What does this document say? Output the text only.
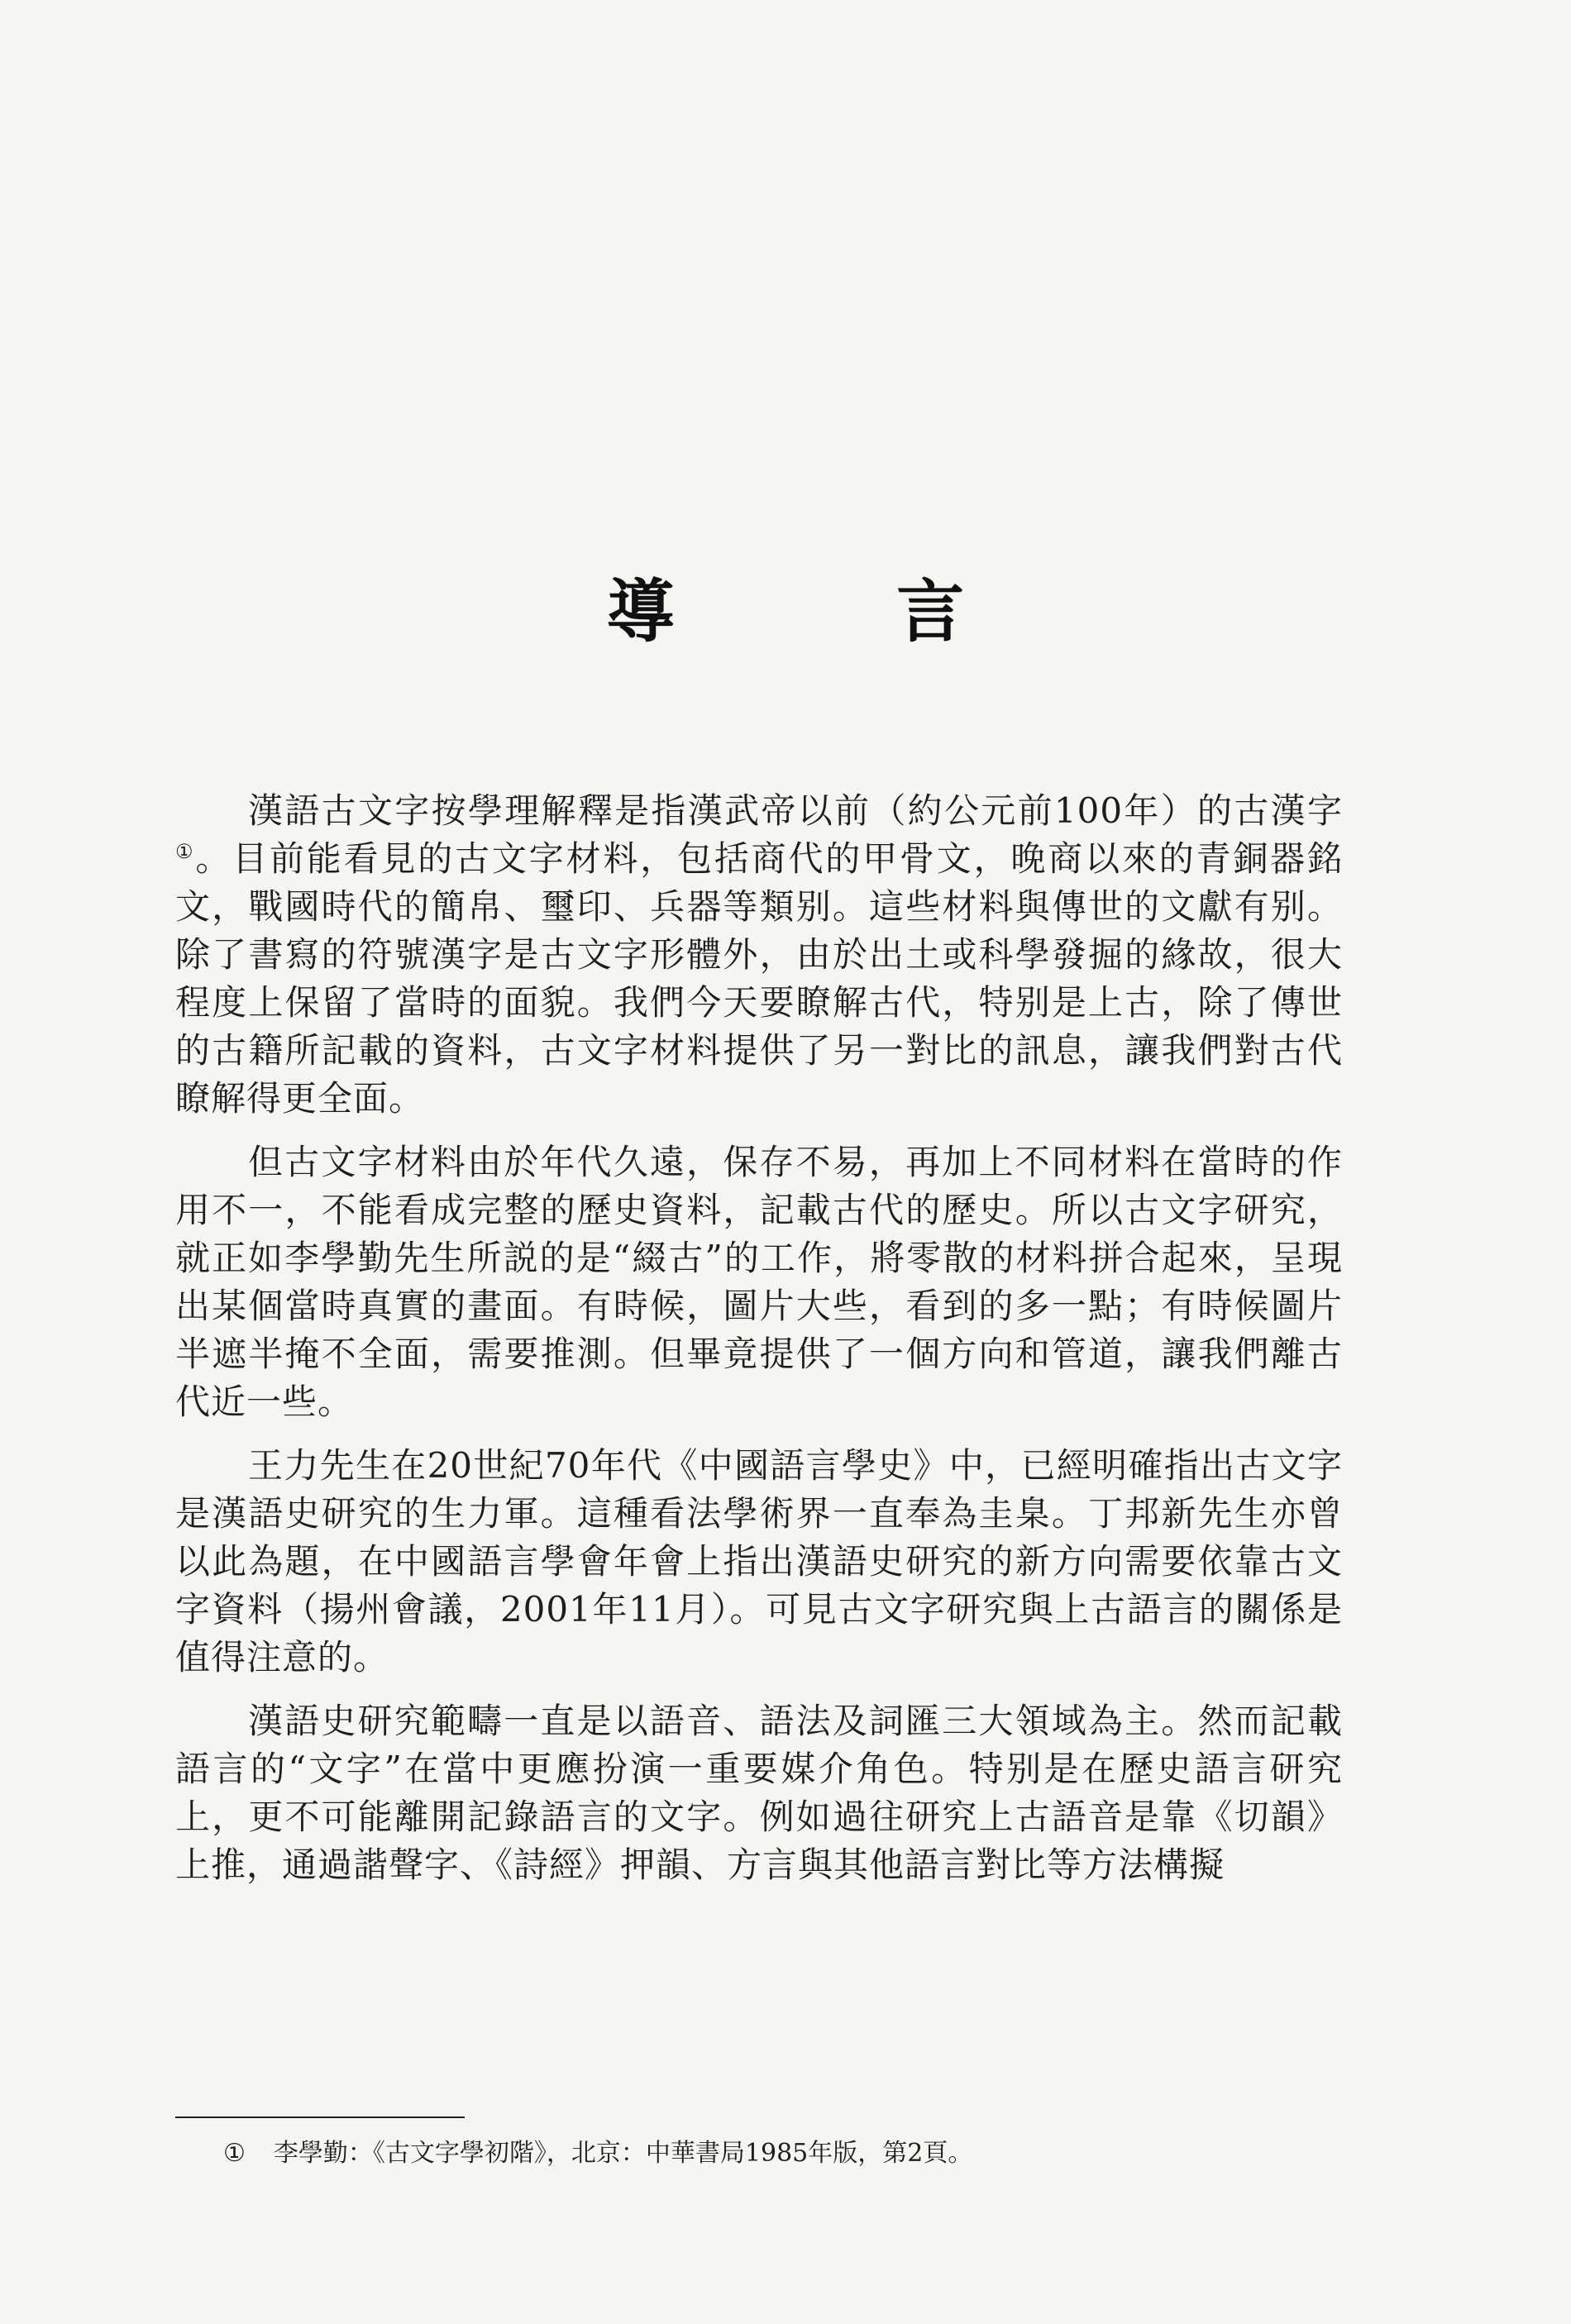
導 言

漢語古文字按學理解釋是指漢武帝以前（約公元前100年）的古漢字①。目前能看見的古文字材料，包括商代的甲骨文，晚商以來的青銅器銘文，戰國時代的簡帛、璽印、兵器等類别。這些材料與傳世的文獻有别。除了書寫的符號漢字是古文字形體外，由於出土或科學發掘的緣故，很大程度上保留了當時的面貌。我們今天要瞭解古代，特别是上古，除了傳世的古籍所記載的資料，古文字材料提供了另一對比的訊息，讓我們對古代瞭解得更全面。

但古文字材料由於年代久遠，保存不易，再加上不同材料在當時的作用不一，不能看成完整的歷史資料，記載古代的歷史。所以古文字研究，就正如李學勤先生所説的是“綴古”的工作，將零散的材料拼合起來，呈現出某個當時真實的畫面。有時候，圖片大些，看到的多一點；有時候圖片半遮半掩不全面，需要推測。但畢竟提供了一個方向和管道，讓我們離古代近一些。

王力先生在20世紀70年代《中國語言學史》中，已經明確指出古文字是漢語史研究的生力軍。這種看法學術界一直奉為圭臬。丁邦新先生亦曾以此為題，在中國語言學會年會上指出漢語史研究的新方向需要依靠古文字資料（揚州會議，2001年11月）。可見古文字研究與上古語言的關係是值得注意的。

漢語史研究範疇一直是以語音、語法及詞匯三大領域為主。然而記載語言的“文字”在當中更應扮演一重要媒介角色。特别是在歷史語言研究上，更不可能離開記錄語言的文字。例如過往研究上古語音是靠《切韻》上推，通過諧聲字、《詩經》押韻、方言與其他語言對比等方法構擬

① 李學勤：《古文字學初階》，北京：中華書局1985年版，第2頁。
